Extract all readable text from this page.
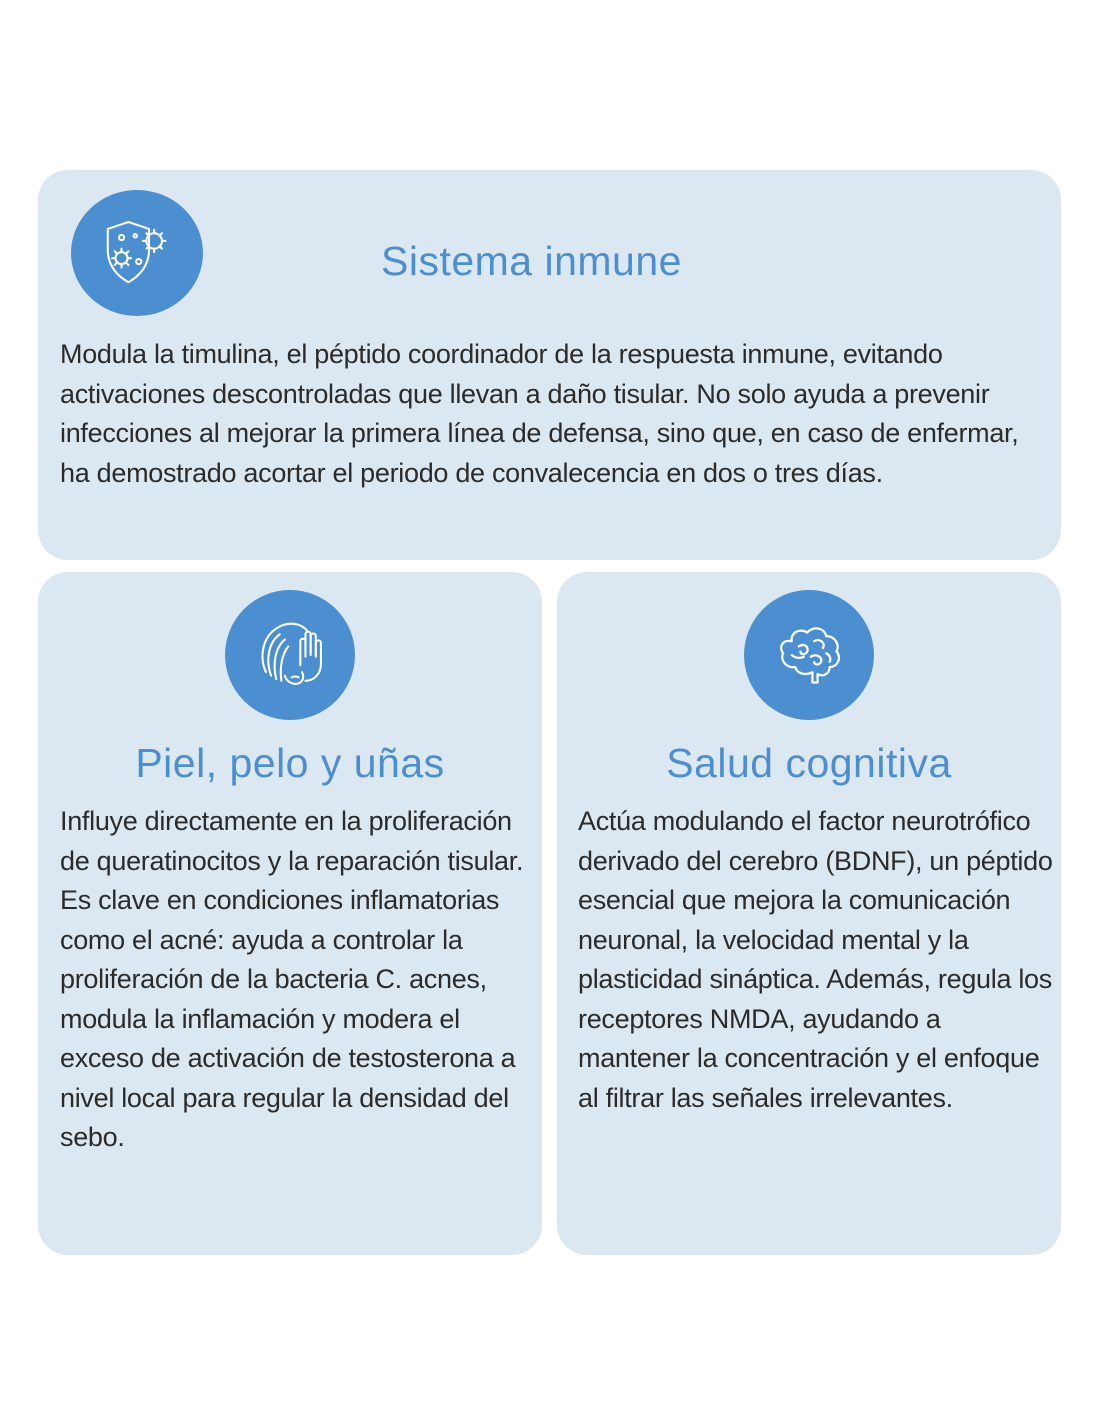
Sistema inmune

Modula la timulina, el péptido coordinador de la respuesta inmune, evitando activaciones descontroladas que llevan a daño tisular. No solo ayuda a prevenir infecciones al mejorar la primera línea de defensa, sino que, en caso de enfermar, ha demostrado acortar el periodo de convalecencia en dos o tres días.

Piel, pelo y uñas

Influye directamente en la proliferación de queratinocitos y la reparación tisular. Es clave en condiciones inflamatorias como el acné: ayuda a controlar la proliferación de la bacteria C. acnes, modula la inflamación y modera el exceso de activación de testosterona a nivel local para regular la densidad del sebo.

Salud cognitiva

Actúa modulando el factor neurotrófico derivado del cerebro (BDNF), un péptido esencial que mejora la comunicación neuronal, la velocidad mental y la plasticidad sináptica. Además, regula los receptores NMDA, ayudando a mantener la concentración y el enfoque al filtrar las señales irrelevantes.
